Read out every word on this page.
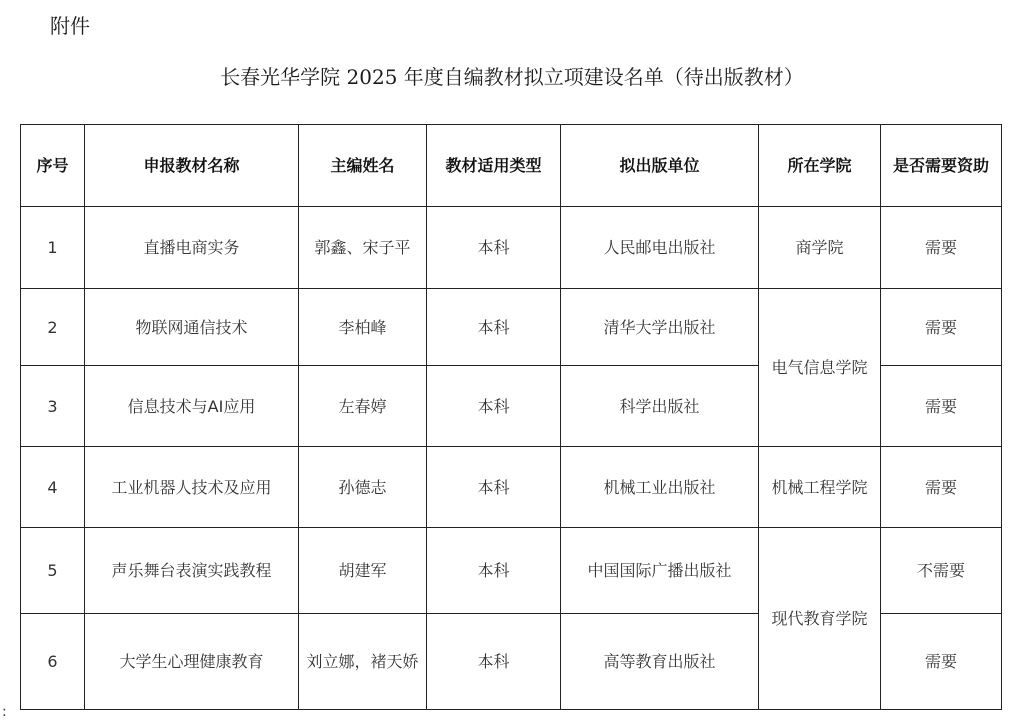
附件
长春光华学院 2025 年度自编教材拟立项建设名单（待出版教材）
序号	申报教材名称	主编姓名	教材适用类型	拟出版单位	所在学院	是否需要资助
1	直播电商实务	郭鑫、宋子平	本科	人民邮电出版社	商学院	需要
2	物联网通信技术	李柏峰	本科	清华大学出版社	电气信息学院	需要
3	信息技术与AI应用	左春婷	本科	科学出版社		需要
4	工业机器人技术及应用	孙德志	本科	机械工业出版社	机械工程学院	需要
5	声乐舞台表演实践教程	胡建军	本科	中国国际广播出版社	现代教育学院	不需要
6	大学生心理健康教育	刘立娜，褚天娇	本科	高等教育出版社		需要
:
